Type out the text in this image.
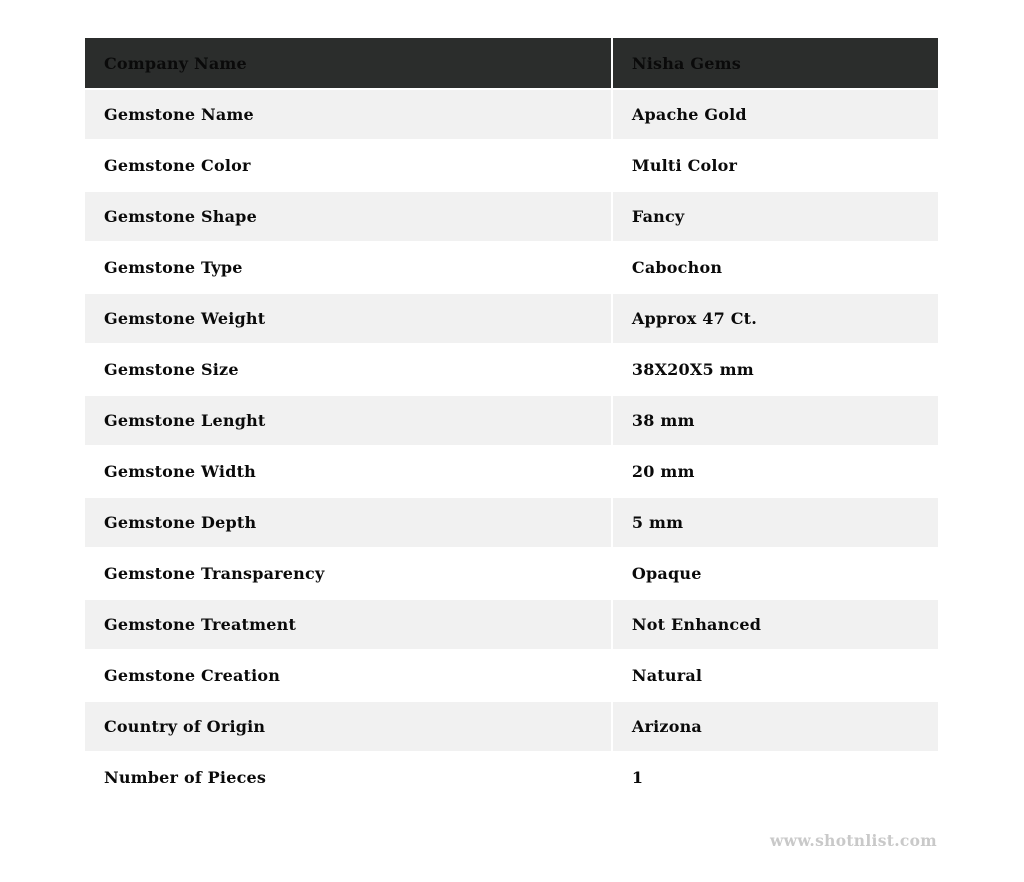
Company Name	Nisha Gems
Gemstone Name	Apache Gold
Gemstone Color	Multi Color
Gemstone Shape	Fancy
Gemstone Type	Cabochon
Gemstone Weight	Approx 47 Ct.
Gemstone Size	38X20X5 mm
Gemstone Lenght	38 mm
Gemstone Width	20 mm
Gemstone Depth	5 mm
Gemstone Transparency	Opaque
Gemstone Treatment	Not Enhanced
Gemstone Creation	Natural
Country of Origin	Arizona
Number of Pieces	1
www.shotnlist.com
